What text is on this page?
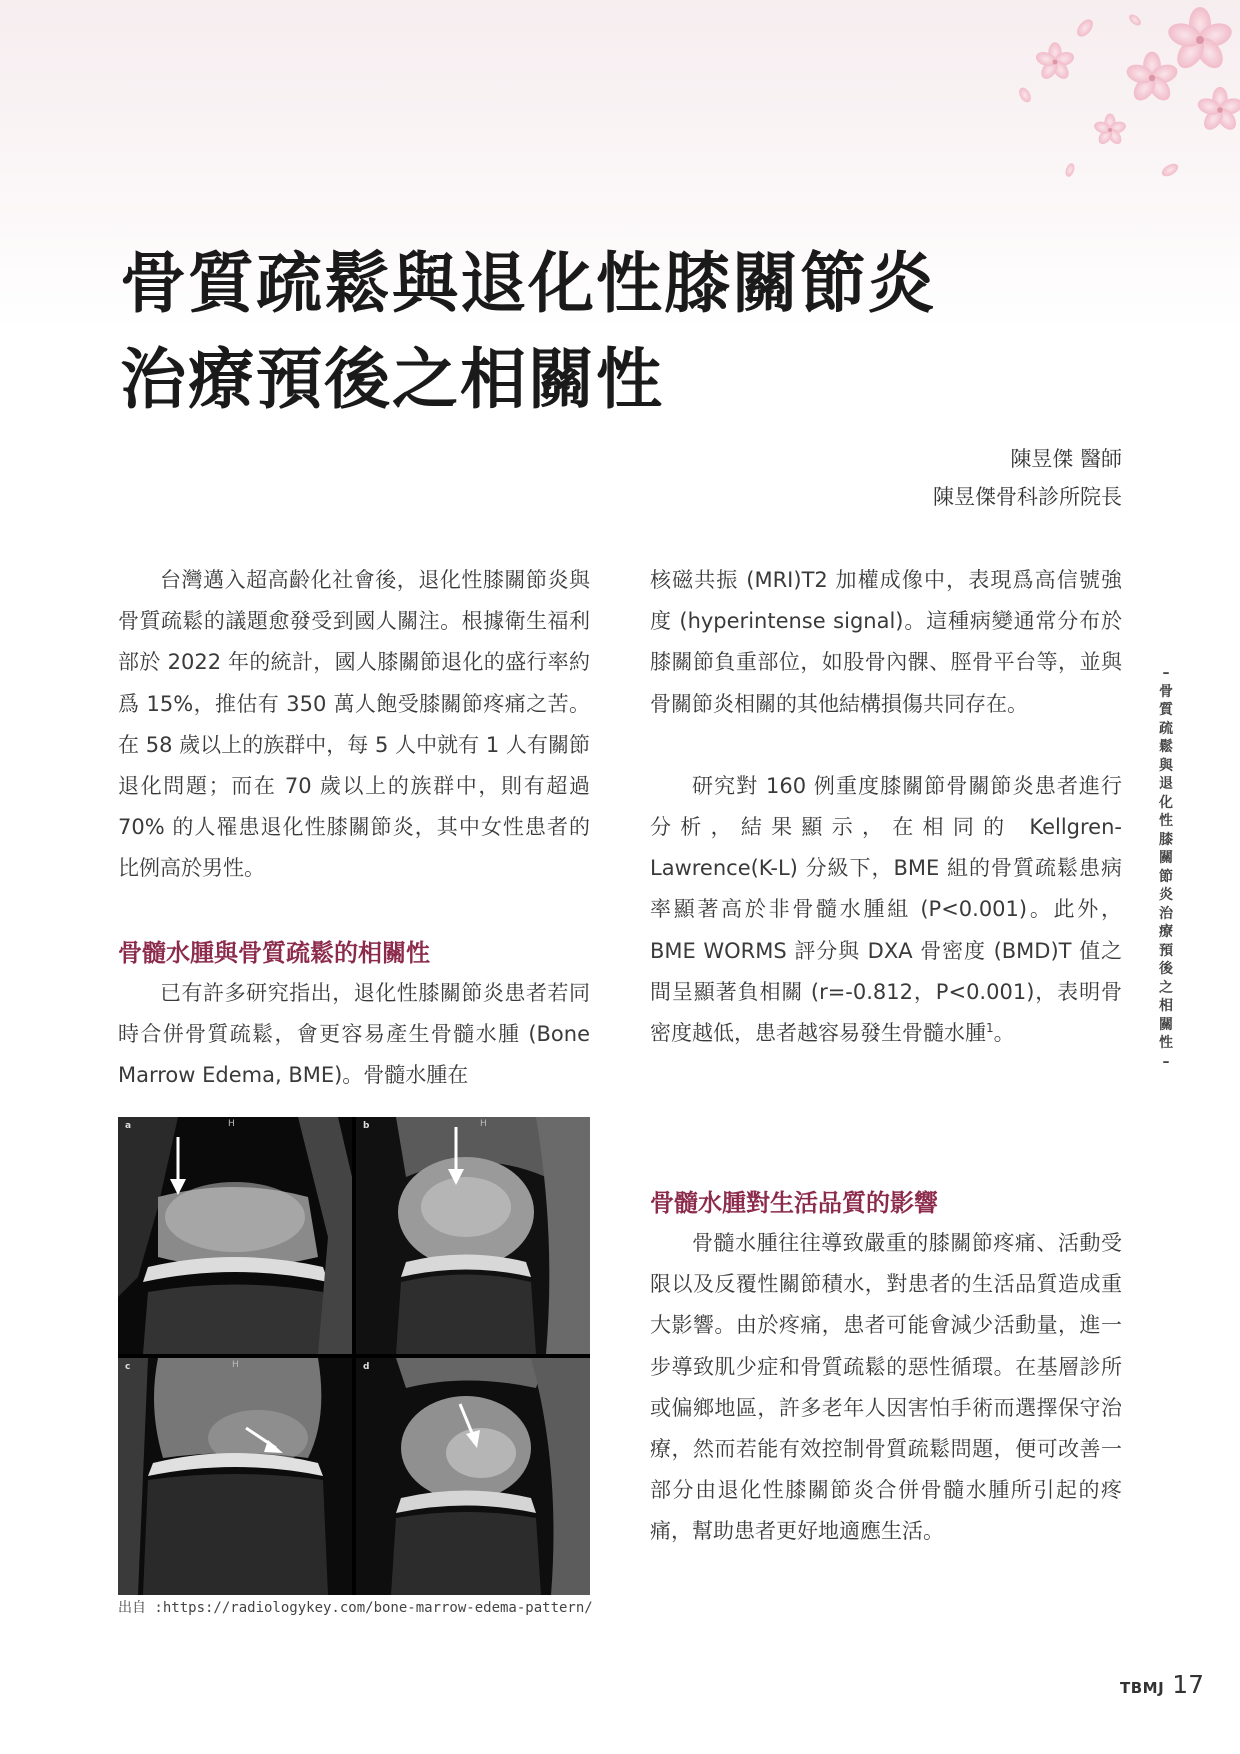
骨質疏鬆與退化性膝關節炎
治療預後之相關性
陳昱傑 醫師
陳昱傑骨科診所院長

台灣邁入超高齡化社會後，退化性膝關節炎與骨質疏鬆的議題愈發受到國人關注。根據衛生福利部於 2022 年的統計，國人膝關節退化的盛行率約爲 15%，推估有 350 萬人飽受膝關節疼痛之苦。在 58 歲以上的族群中，每 5 人中就有 1 人有關節退化問題；而在 70 歲以上的族群中，則有超過 70% 的人罹患退化性膝關節炎，其中女性患者的比例高於男性。

骨髓水腫與骨質疏鬆的相關性

已有許多研究指出，退化性膝關節炎患者若同時合併骨質疏鬆，會更容易產生骨髓水腫 (Bone Marrow Edema, BME)。骨髓水腫在

a	H	b	H
c	H	d
出自 :https://radiologykey.com/bone-marrow-edema-pattern/

核磁共振 (MRI)T2 加權成像中，表現爲高信號強度 (hyperintense signal)。這種病變通常分布於膝關節負重部位，如股骨內髁、脛骨平台等，並與骨關節炎相關的其他結構損傷共同存在。

研究對 160 例重度膝關節骨關節炎患者進行分析，結果顯示，在相同的 Kellgren-Lawrence(K-L) 分級下，BME 組的骨質疏鬆患病率顯著高於非骨髓水腫組 (P<0.001)。此外，BME WORMS 評分與 DXA 骨密度 (BMD)T 值之間呈顯著負相關 (r=-0.812，P<0.001)，表明骨密度越低，患者越容易發生骨髓水腫$^1$。

骨髓水腫對生活品質的影響

骨髓水腫往往導致嚴重的膝關節疼痛、活動受限以及反覆性關節積水，對患者的生活品質造成重大影響。由於疼痛，患者可能會減少活動量，進一步導致肌少症和骨質疏鬆的惡性循環。在基層診所或偏鄉地區，許多老年人因害怕手術而選擇保守治療，然而若能有效控制骨質疏鬆問題，便可改善一部分由退化性膝關節炎合併骨髓水腫所引起的疼痛，幫助患者更好地適應生活。

–
骨
質
疏
鬆
與
退
化
性
膝
關
節
炎
治
療
預
後
之
相
關
性
–
TBMJ 17
